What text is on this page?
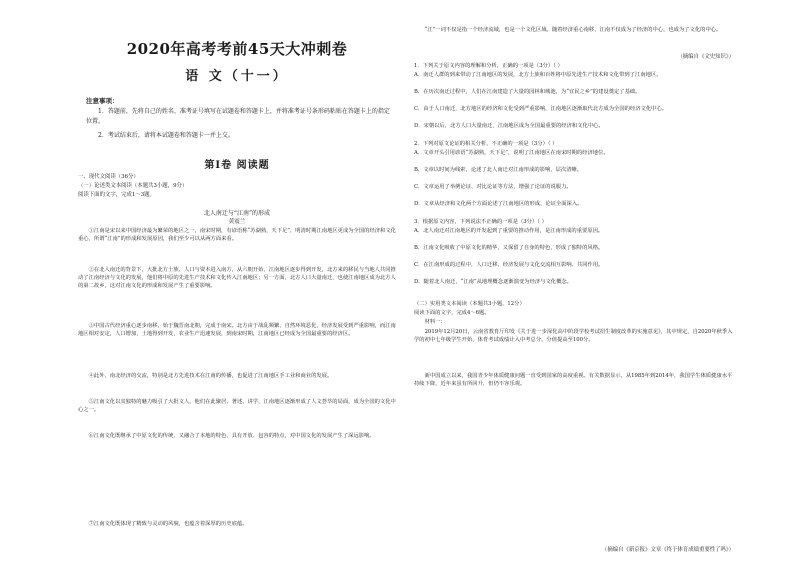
2020年高考考前45天大冲刺卷
语 文（十一）
注意事项：
1．答题前，先将自己的姓名、准考证号填写在试题卷和答题卡上，并将准考证号条形码粘贴在答题卡上的指定位置。
2．考试结束后，请将本试题卷和答题卡一并上交。
第Ⅰ卷 阅读题
一、现代文阅读（36分）
（一）论述类文本阅读（本题共3小题，9分）
阅读下面的文字，完成1～3题。
北人南迁与“江南”的形成
黄震兰
①江南是宋以来中国经济最为繁荣的地区之一，南宋时期，有谚语称“苏湖熟，天下足”，明清时期江南地区更成为全国的经济和文化重心，所谓“江南”的形成和发展原因，我们至少可以从两方面来看。
②在北人南迁的背景下，大批北方士族、人口与资本进入南方，从六朝开始，江南地区逐步得到开发，北方来的移民与当地人共同推动了江南经济与文化的发展，他们将中原的先进生产技术和文化传入江南地区；另一方面，北方人口大量南迁，也使江南地区成为北方人的第二故乡，这对江南文化的形成和发展产生了重要影响。
③中国古代经济重心逐步南移，始于魏晋南北朝，完成于南宋。北方由于战乱频繁、自然环境恶化，经济发展受到严重影响，而江南地区相对安定，人口增加，土地得到开发，农业生产迅速发展，到南宋时期，江南地区已经成为全国最重要的经济区。
④此外，南北经济的交流，特别是北方先进技术在江南的传播，也促进了江南地区手工业和商业的发展。
⑤江南文化以其独特的魅力吸引了大批文人，他们在此聚居、著述、讲学，江南地区逐渐形成了人文荟萃的局面，成为全国的文化中心之一。
⑥江南文化既继承了中原文化的传统，又融合了本地的特色，具有开放、包容的特点，对中国文化的发展产生了深远影响。
⑦江南文化既体现了精致与灵动的风貌，也蕴含着深厚的历史底蕴。
“江”一词不仅是指一个经济流域，也是一个文化区域。随着经济重心南移，江南不仅成为了经济的中心，也成为了文化的中心。
（摘编自《文史知识》）
1．下列关于原文内容的理解和分析，正确的一项是（3分）（ ）
A．南迁人群的到来带动了江南地区的发展，北方士族和百姓将中原先进生产技术和文化带到了江南地区。
B．在历次南迁过程中，人们在江南建造了大量的园林和城池，为“宜民之乡”的建设奠定了基础。
C．由于人口南迁，北方地区的经济和文化受到严重影响，江南地区逐渐取代北方成为全国的经济文化中心。
D．宋朝以后，北方人口大量南迁，江南地区成为全国最重要的经济和文化中心。
2．下列对原文论证的相关分析，不正确的一项是（3分）（ ）
A．文章开头引用谚语“苏湖熟，天下足”，说明了江南地区在南宋时期的经济地位。
B．文章以时间为线索，论述了北人南迁对江南形成的影响，层次清晰。
C．文章运用了举例论证、对比论证等方法，增强了论证的说服力。
D．文章从经济和文化两个方面论述了江南地区的形成，论证全面深入。
3．根据原文内容，下列说法不正确的一项是（3分）（ ）
A．北人南迁对江南地区的开发起到了重要的推动作用，是江南形成的重要原因。
B．江南文化吸收了中原文化的精华，又保留了自身的特色，形成了独特的风格。
C．在江南形成的过程中，人口迁移、经济发展与文化交流相互影响、共同作用。
D．随着北人南迁，“江南”从地理概念逐渐演变为经济与文化概念。
（二）实用类文本阅读（本题共3小题，12分）
阅读下面的文字，完成4～6题。
材料一：
2019年12月20日，云南省教育厅印发《关于进一步深化高中阶段学校考试招生制度改革的实施意见》，其中规定，自2020年秋季入学的初中七年级学生开始，体育考试成绩计入中考总分，分值提高至100分。
新中国成立以来，我国青少年体质健康问题一直受到国家的高度重视。有关数据显示，从1985年到2014年，我国学生体质健康水平持续下降，近年来虽有所回升，但仍不容乐观。
（摘编自《新京报》文章《终于体育成绩重要性了吗》）
